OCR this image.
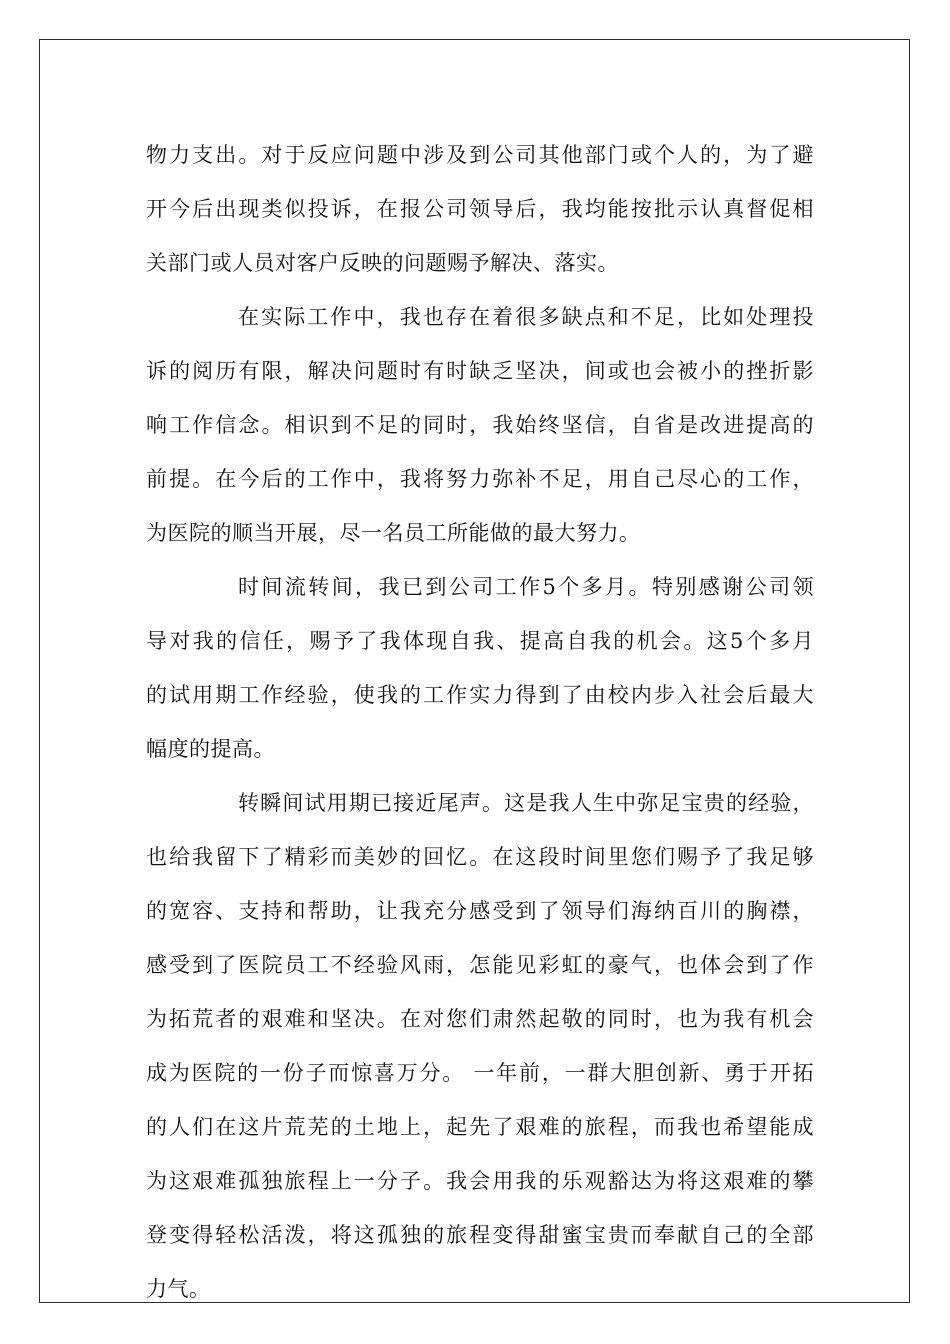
物力支出。对于反应问题中涉及到公司其他部门或个人的，为了避
开今后出现类似投诉，在报公司领导后，我均能按批示认真督促相
关部门或人员对客户反映的问题赐予解决、落实。
在实际工作中，我也存在着很多缺点和不足，比如处理投
诉的阅历有限，解决问题时有时缺乏坚决，间或也会被小的挫折影
响工作信念。相识到不足的同时，我始终坚信，自省是改进提高的
前提。在今后的工作中，我将努力弥补不足，用自己尽心的工作，
为医院的顺当开展，尽一名员工所能做的最大努力。
时间流转间，我已到公司工作5个多月。特别感谢公司领
导对我的信任，赐予了我体现自我、提高自我的机会。这5个多月
的试用期工作经验，使我的工作实力得到了由校内步入社会后最大
幅度的提高。
转瞬间试用期已接近尾声。这是我人生中弥足宝贵的经验，
也给我留下了精彩而美妙的回忆。在这段时间里您们赐予了我足够
的宽容、支持和帮助，让我充分感受到了领导们海纳百川的胸襟，
感受到了医院员工不经验风雨，怎能见彩虹的豪气，也体会到了作
为拓荒者的艰难和坚决。在对您们肃然起敬的同时，也为我有机会
成为医院的一份子而惊喜万分。 一年前，一群大胆创新、勇于开拓
的人们在这片荒芜的土地上，起先了艰难的旅程，而我也希望能成
为这艰难孤独旅程上一分子。我会用我的乐观豁达为将这艰难的攀
登变得轻松活泼，将这孤独的旅程变得甜蜜宝贵而奉献自己的全部
力气。
